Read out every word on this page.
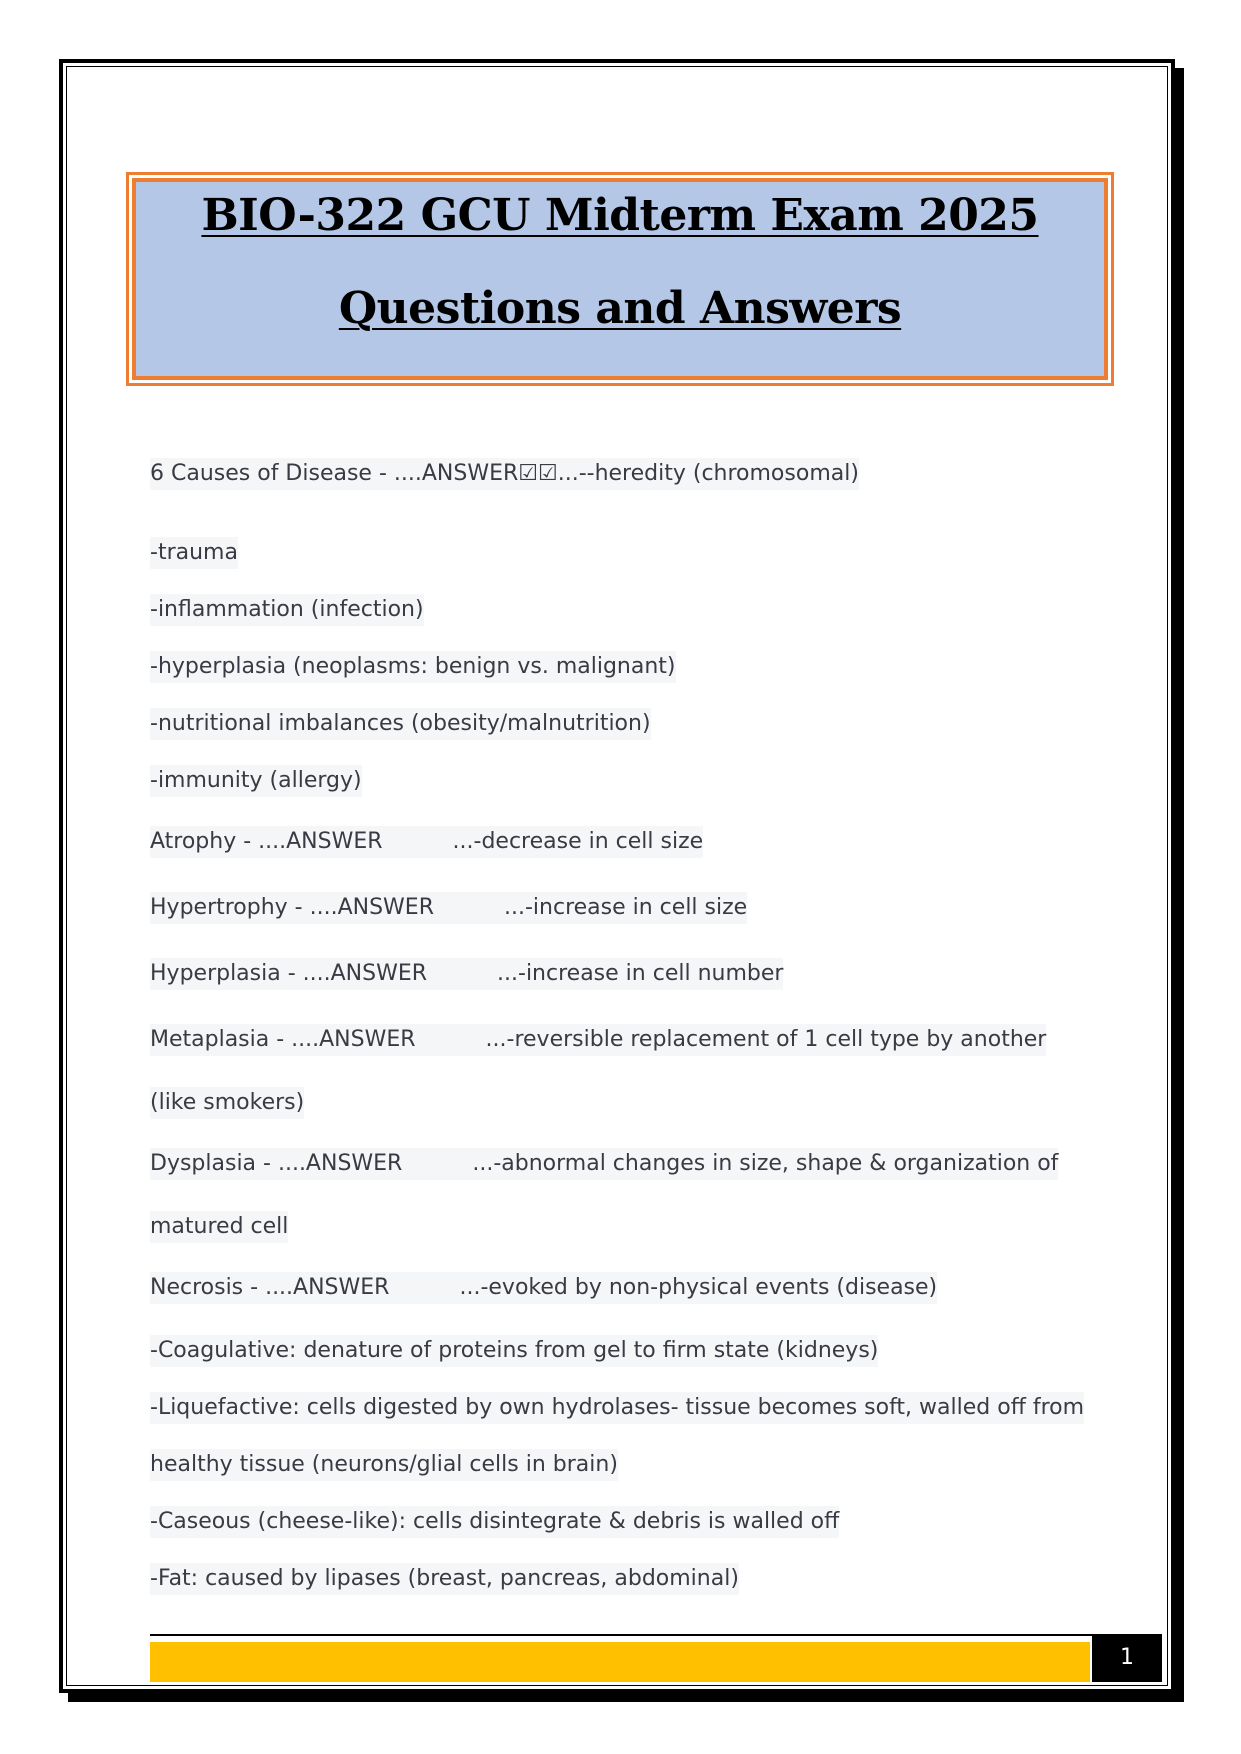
BIO-322 GCU Midterm Exam 2025
Questions and Answers
6 Causes of Disease - ....ANSWER☑☑...--heredity (chromosomal)
-trauma
-inflammation (infection)
-hyperplasia (neoplasms: benign vs. malignant)
-nutritional imbalances (obesity/malnutrition)
-immunity (allergy)
Atrophy - ....ANSWER	...-decrease in cell size
Hypertrophy - ....ANSWER	...-increase in cell size
Hyperplasia - ....ANSWER	...-increase in cell number
Metaplasia - ....ANSWER	...-reversible replacement of 1 cell type by another
(like smokers)
Dysplasia - ....ANSWER	...-abnormal changes in size, shape & organization of
matured cell
Necrosis - ....ANSWER	...-evoked by non-physical events (disease)
-Coagulative: denature of proteins from gel to firm state (kidneys)
-Liquefactive: cells digested by own hydrolases- tissue becomes soft, walled off from
healthy tissue (neurons/glial cells in brain)
-Caseous (cheese-like): cells disintegrate & debris is walled off
-Fat: caused by lipases (breast, pancreas, abdominal)
1
